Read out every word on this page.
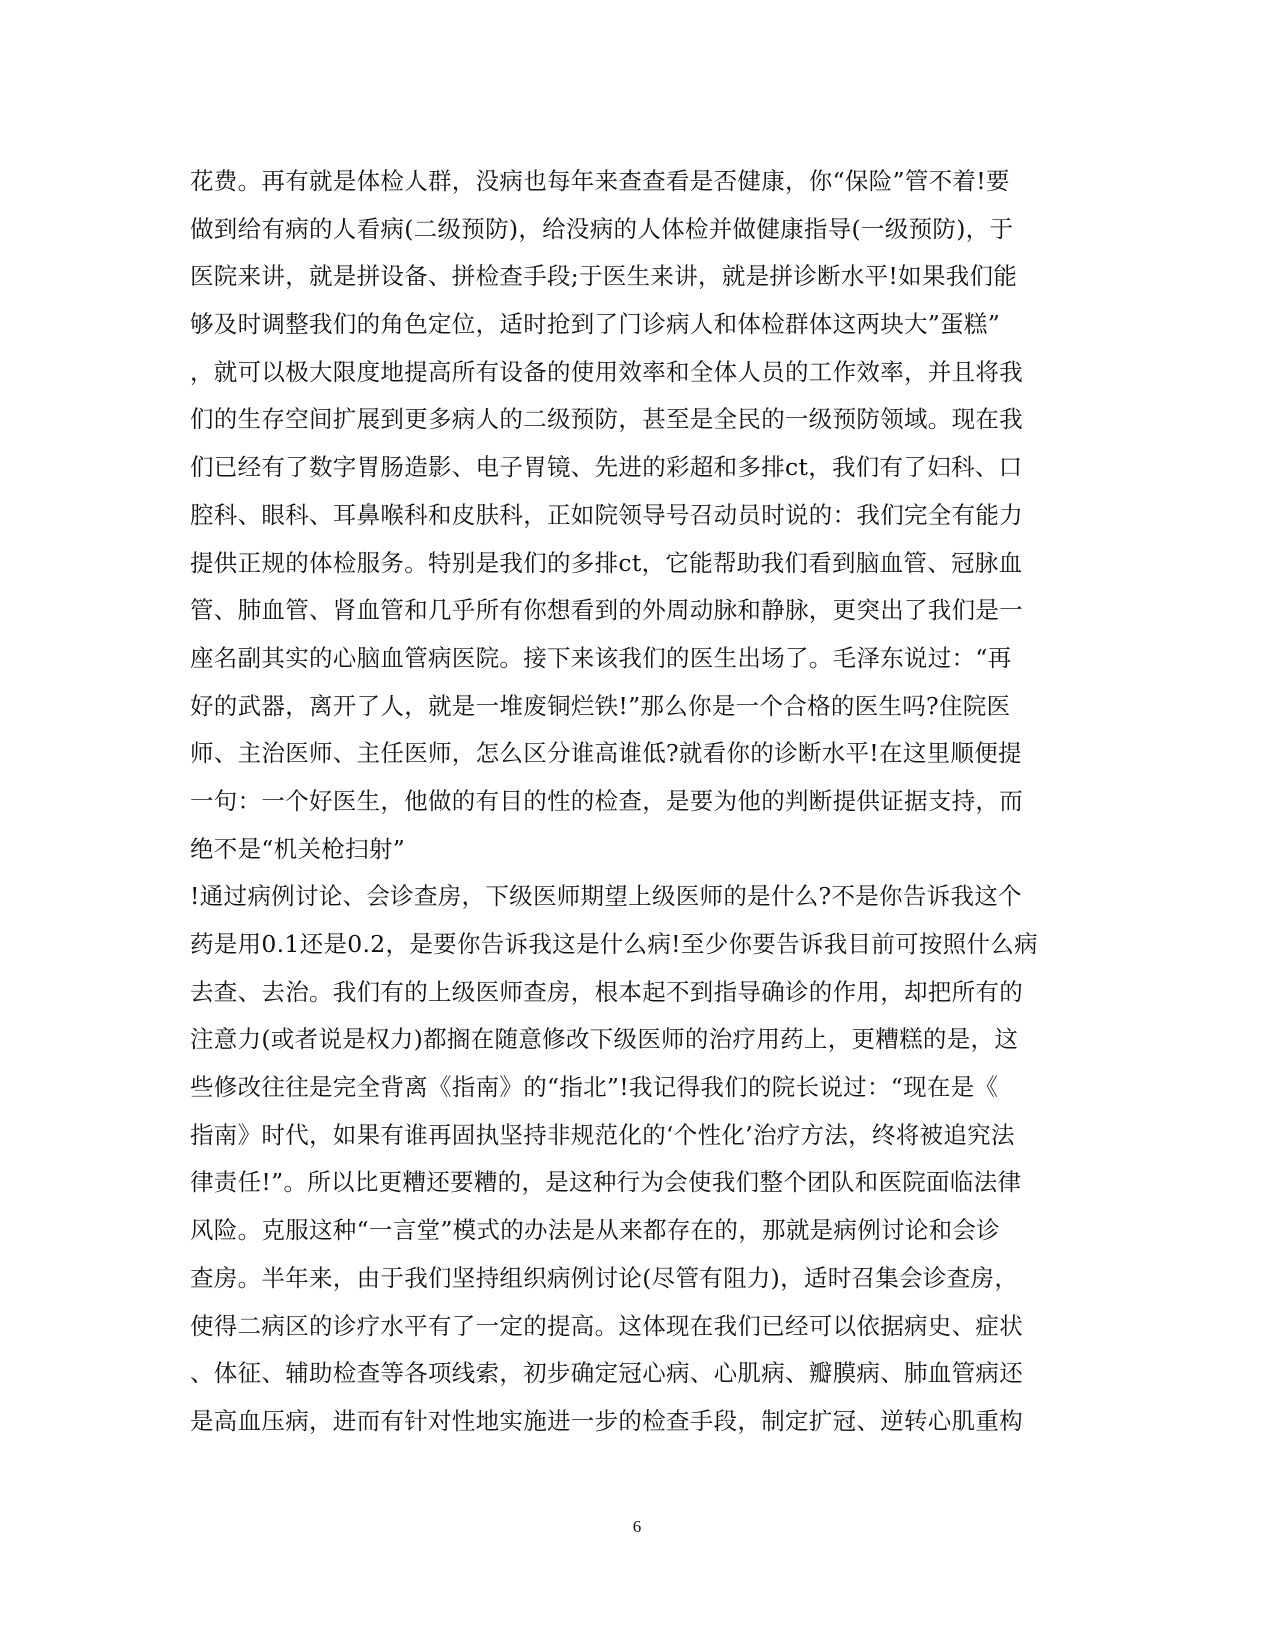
花费。再有就是体检人群，没病也每年来查查看是否健康，你“保险”管不着!要
做到给有病的人看病(二级预防)，给没病的人体检并做健康指导(一级预防)，于
医院来讲，就是拼设备、拼检查手段;于医生来讲，就是拼诊断水平!如果我们能
够及时调整我们的角色定位，适时抢到了门诊病人和体检群体这两块大”蛋糕”
，就可以极大限度地提高所有设备的使用效率和全体人员的工作效率，并且将我
们的生存空间扩展到更多病人的二级预防，甚至是全民的一级预防领域。现在我
们已经有了数字胃肠造影、电子胃镜、先进的彩超和多排ct，我们有了妇科、口
腔科、眼科、耳鼻喉科和皮肤科，正如院领导号召动员时说的：我们完全有能力
提供正规的体检服务。特别是我们的多排ct，它能帮助我们看到脑血管、冠脉血
管、肺血管、肾血管和几乎所有你想看到的外周动脉和静脉，更突出了我们是一
座名副其实的心脑血管病医院。接下来该我们的医生出场了。毛泽东说过：“再
好的武器，离开了人，就是一堆废铜烂铁!”那么你是一个合格的医生吗?住院医
师、主治医师、主任医师，怎么区分谁高谁低?就看你的诊断水平!在这里顺便提
一句：一个好医生，他做的有目的性的检查，是要为他的判断提供证据支持，而
绝不是“机关枪扫射”
!通过病例讨论、会诊查房，下级医师期望上级医师的是什么?不是你告诉我这个
药是用0.1还是0.2，是要你告诉我这是什么病!至少你要告诉我目前可按照什么病
去查、去治。我们有的上级医师查房，根本起不到指导确诊的作用，却把所有的
注意力(或者说是权力)都搁在随意修改下级医师的治疗用药上，更糟糕的是，这
些修改往往是完全背离《指南》的“指北”!我记得我们的院长说过：“现在是《
指南》时代，如果有谁再固执坚持非规范化的‘个性化’治疗方法，终将被追究法
律责任!”。所以比更糟还要糟的，是这种行为会使我们整个团队和医院面临法律
风险。克服这种“一言堂”模式的办法是从来都存在的，那就是病例讨论和会诊
查房。半年来，由于我们坚持组织病例讨论(尽管有阻力)，适时召集会诊查房，
使得二病区的诊疗水平有了一定的提高。这体现在我们已经可以依据病史、症状
、体征、辅助检查等各项线索，初步确定冠心病、心肌病、瓣膜病、肺血管病还
是高血压病，进而有针对性地实施进一步的检查手段，制定扩冠、逆转心肌重构
6
